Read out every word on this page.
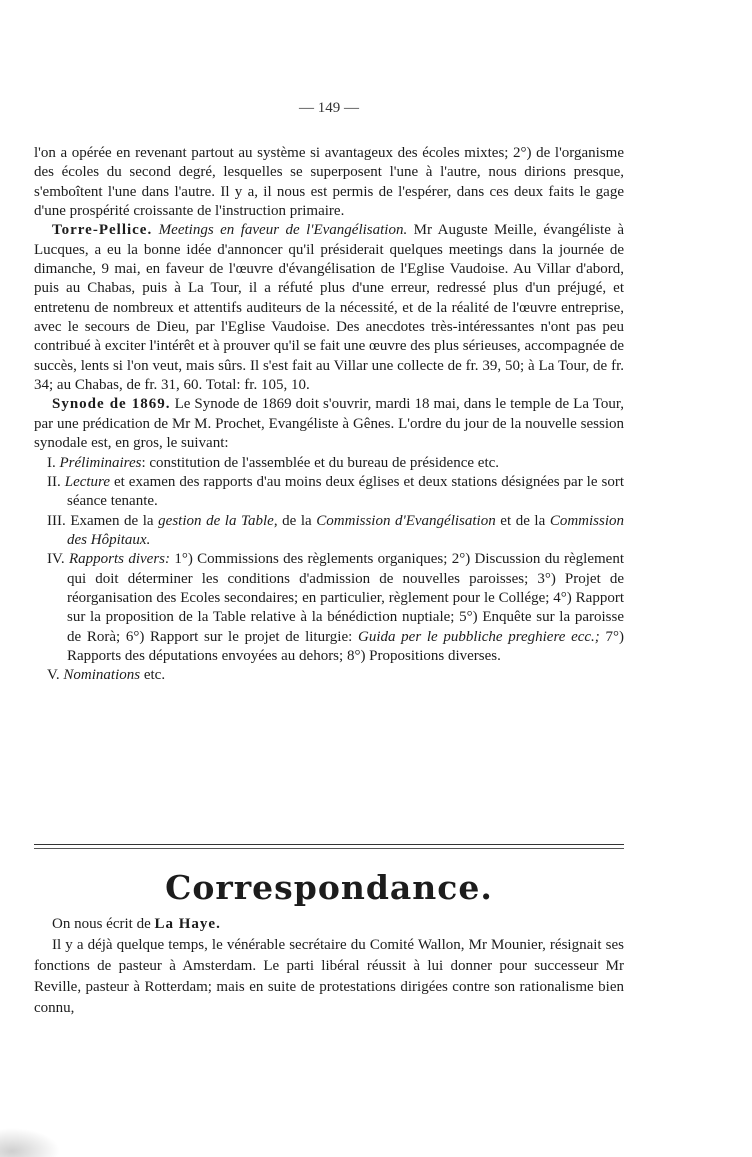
— 149 —

l'on a opérée en revenant partout au système si avantageux des écoles mixtes; 2°) de l'organisme des écoles du second degré, lesquelles se superposent l'une à l'autre, nous dirions presque, s'emboîtent l'une dans l'autre. Il y a, il nous est permis de l'espérer, dans ces deux faits le gage d'une prospérité croissante de l'instruction primaire.

Torre-Pellice. Meetings en faveur de l'Evangélisation. Mr Auguste Meille, évangéliste à Lucques, a eu la bonne idée d'annoncer qu'il présiderait quelques meetings dans la journée de dimanche, 9 mai, en faveur de l'œuvre d'évangélisation de l'Eglise Vaudoise. Au Villar d'abord, puis au Chabas, puis à La Tour, il a réfuté plus d'une erreur, redressé plus d'un préjugé, et entretenu de nombreux et attentifs auditeurs de la nécessité, et de la réalité de l'œuvre entreprise, avec le secours de Dieu, par l'Eglise Vaudoise. Des anecdotes très-intéressantes n'ont pas peu contribué à exciter l'intérêt et à prouver qu'il se fait une œuvre des plus sérieuses, accompagnée de succès, lents si l'on veut, mais sûrs. Il s'est fait au Villar une collecte de fr. 39, 50; à La Tour, de fr. 34; au Chabas, de fr. 31, 60. Total: fr. 105, 10.

Synode de 1869. Le Synode de 1869 doit s'ouvrir, mardi 18 mai, dans le temple de La Tour, par une prédication de Mr M. Prochet, Evangéliste à Gênes. L'ordre du jour de la nouvelle session synodale est, en gros, le suivant:

I. Préliminaires: constitution de l'assemblée et du bureau de présidence etc.

II. Lecture et examen des rapports d'au moins deux églises et deux stations désignées par le sort séance tenante.

III. Examen de la gestion de la Table, de la Commission d'Evangélisation et de la Commission des Hôpitaux.

IV. Rapports divers: 1°) Commissions des règlements organiques; 2°) Discussion du règlement qui doit déterminer les conditions d'admission de nouvelles paroisses; 3°) Projet de réorganisation des Ecoles secondaires; en particulier, règlement pour le Collége; 4°) Rapport sur la proposition de la Table relative à la bénédiction nuptiale; 5°) Enquête sur la paroisse de Rorà; 6°) Rapport sur le projet de liturgie: Guida per le pubbliche preghiere ecc.; 7°) Rapports des députations envoyées au dehors; 8°) Propositions diverses.

V. Nominations etc.

Correspondance.

On nous écrit de La Haye.

Il y a déjà quelque temps, le vénérable secrétaire du Comité Wallon, Mr Mounier, résignait ses fonctions de pasteur à Amsterdam. Le parti libéral réussit à lui donner pour successeur Mr Reville, pasteur à Rotterdam; mais en suite de protestations dirigées contre son rationalisme bien connu,
